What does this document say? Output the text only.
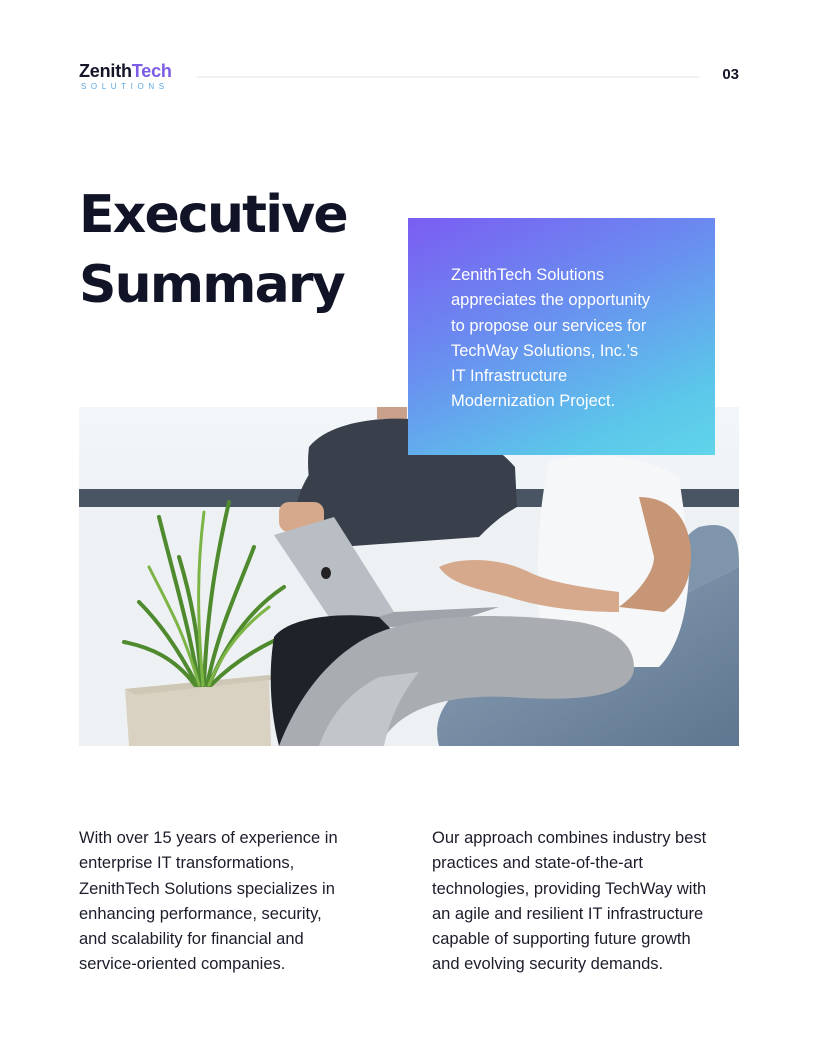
ZenithTech
SOLUTIONS
03
Executive
Summary	ZenithTech Solutions
appreciates the opportunity
to propose our services for
TechWay Solutions, Inc.’s
IT Infrastructure
Modernization Project.
With over 15 years of experience in
enterprise IT transformations,
ZenithTech Solutions specializes in
enhancing performance, security,
and scalability for financial and
service-oriented companies.
Our approach combines industry best
practices and state-of-the-art
technologies, providing TechWay with
an agile and resilient IT infrastructure
capable of supporting future growth
and evolving security demands.
